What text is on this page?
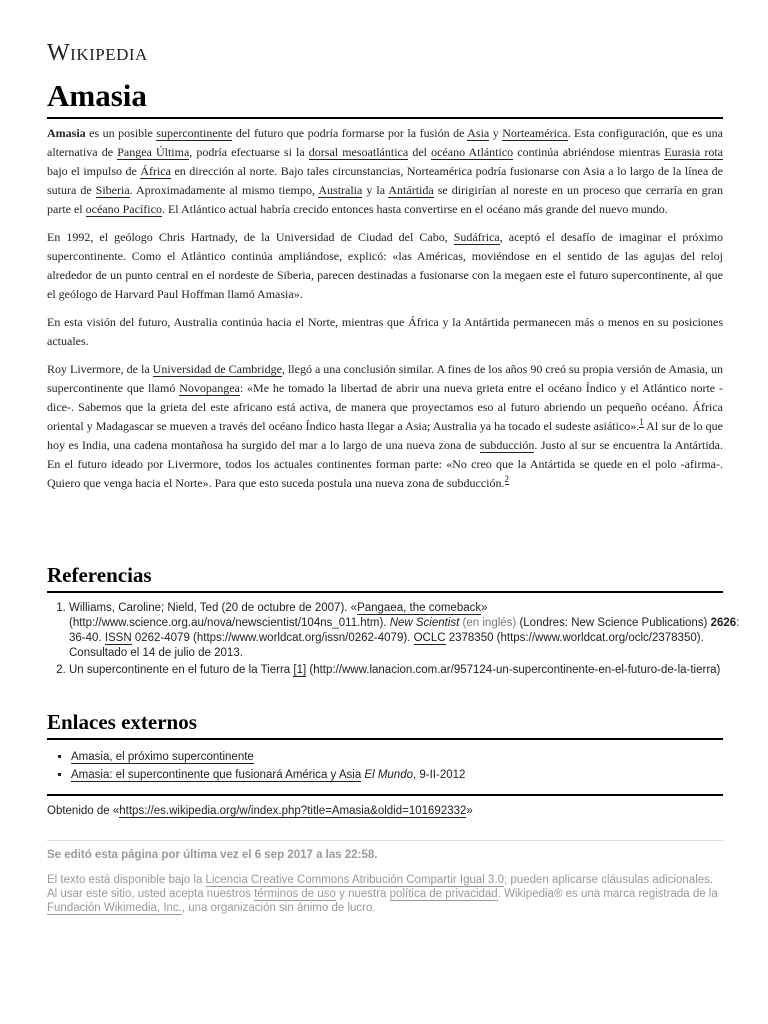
Wikipedia
Amasia

Amasia es un posible supercontinente del futuro que podría formarse por la fusión de Asia y Norteamérica. Esta configuración, que es una alternativa de Pangea Última, podría efectuarse si la dorsal mesoatlántica del océano Atlántico continúa abriéndose mientras Eurasia rota bajo el impulso de África en dirección al norte. Bajo tales circunstancias, Norteamérica podría fusionarse con Asia a lo largo de la línea de sutura de Siberia. Aproximadamente al mismo tiempo, Australia y la Antártida se dirigirían al noreste en un proceso que cerraría en gran parte el océano Pacífico. El Atlántico actual habría crecido entonces hasta convertirse en el océano más grande del nuevo mundo.

En 1992, el geólogo Chris Hartnady, de la Universidad de Ciudad del Cabo, Sudáfrica, aceptó el desafío de imaginar el próximo supercontinente. Como el Atlántico continúa ampliándose, explicó: «las Américas, moviéndose en el sentido de las agujas del reloj alrededor de un punto central en el nordeste de Siberia, parecen destinadas a fusionarse con la megaen este el futuro supercontinente, al que el geólogo de Harvard Paul Hoffman llamó Amasia».

En esta visión del futuro, Australia continúa hacia el Norte, mientras que África y la Antártida permanecen más o menos en su posiciones actuales.

Roy Livermore, de la Universidad de Cambridge, llegó a una conclusión similar. A fines de los años 90 creó su propia versión de Amasia, un supercontinente que llamó Novopangea: «Me he tomado la libertad de abrir una nueva grieta entre el océano Índico y el Atlántico norte -dice-. Sabemos que la grieta del este africano está activa, de manera que proyectamos eso al futuro abriendo un pequeño océano. África oriental y Madagascar se mueven a través del océano Índico hasta llegar a Asia; Australia ya ha tocado el sudeste asiático».$^1$ Al sur de lo que hoy es India, una cadena montañosa ha surgido del mar a lo largo de una nueva zona de subducción. Justo al sur se encuentra la Antártida. En el futuro ideado por Livermore, todos los actuales continentes forman parte: «No creo que la Antártida se quede en el polo -afirma-. Quiero que venga hacia el Norte». Para que esto suceda postula una nueva zona de subducción.$^2$

Referencias
1. Williams, Caroline; Nield, Ted (20 de octubre de 2007). «Pangaea, the comeback» (http://www.science.org.au/nova/newscientist/104ns_011.htm). New Scientist (en inglés) (Londres: New Science Publications) 2626: 36-40. ISSN 0262-4079 (https://www.worldcat.org/issn/0262-4079). OCLC 2378350 (https://www.worldcat.org/oclc/2378350). Consultado el 14 de julio de 2013.
2. Un supercontinente en el futuro de la Tierra [1] (http://www.lanacion.com.ar/957124-un-supercontinente-en-el-futuro-de-la-tierra)
Enlaces externos
▪ Amasia, el próximo supercontinente
▪ Amasia: el supercontinente que fusionará América y Asia El Mundo, 9-II-2012
Obtenido de «https://es.wikipedia.org/w/index.php?title=Amasia&oldid=101692332»
Se editó esta página por última vez el 6 sep 2017 a las 22:58.
El texto está disponible bajo la Licencia Creative Commons Atribución Compartir Igual 3.0; pueden aplicarse cláusulas adicionales. Al usar este sitio, usted acepta nuestros términos de uso y nuestra política de privacidad. Wikipedia® es una marca registrada de la Fundación Wikimedia, Inc., una organización sin ánimo de lucro.
